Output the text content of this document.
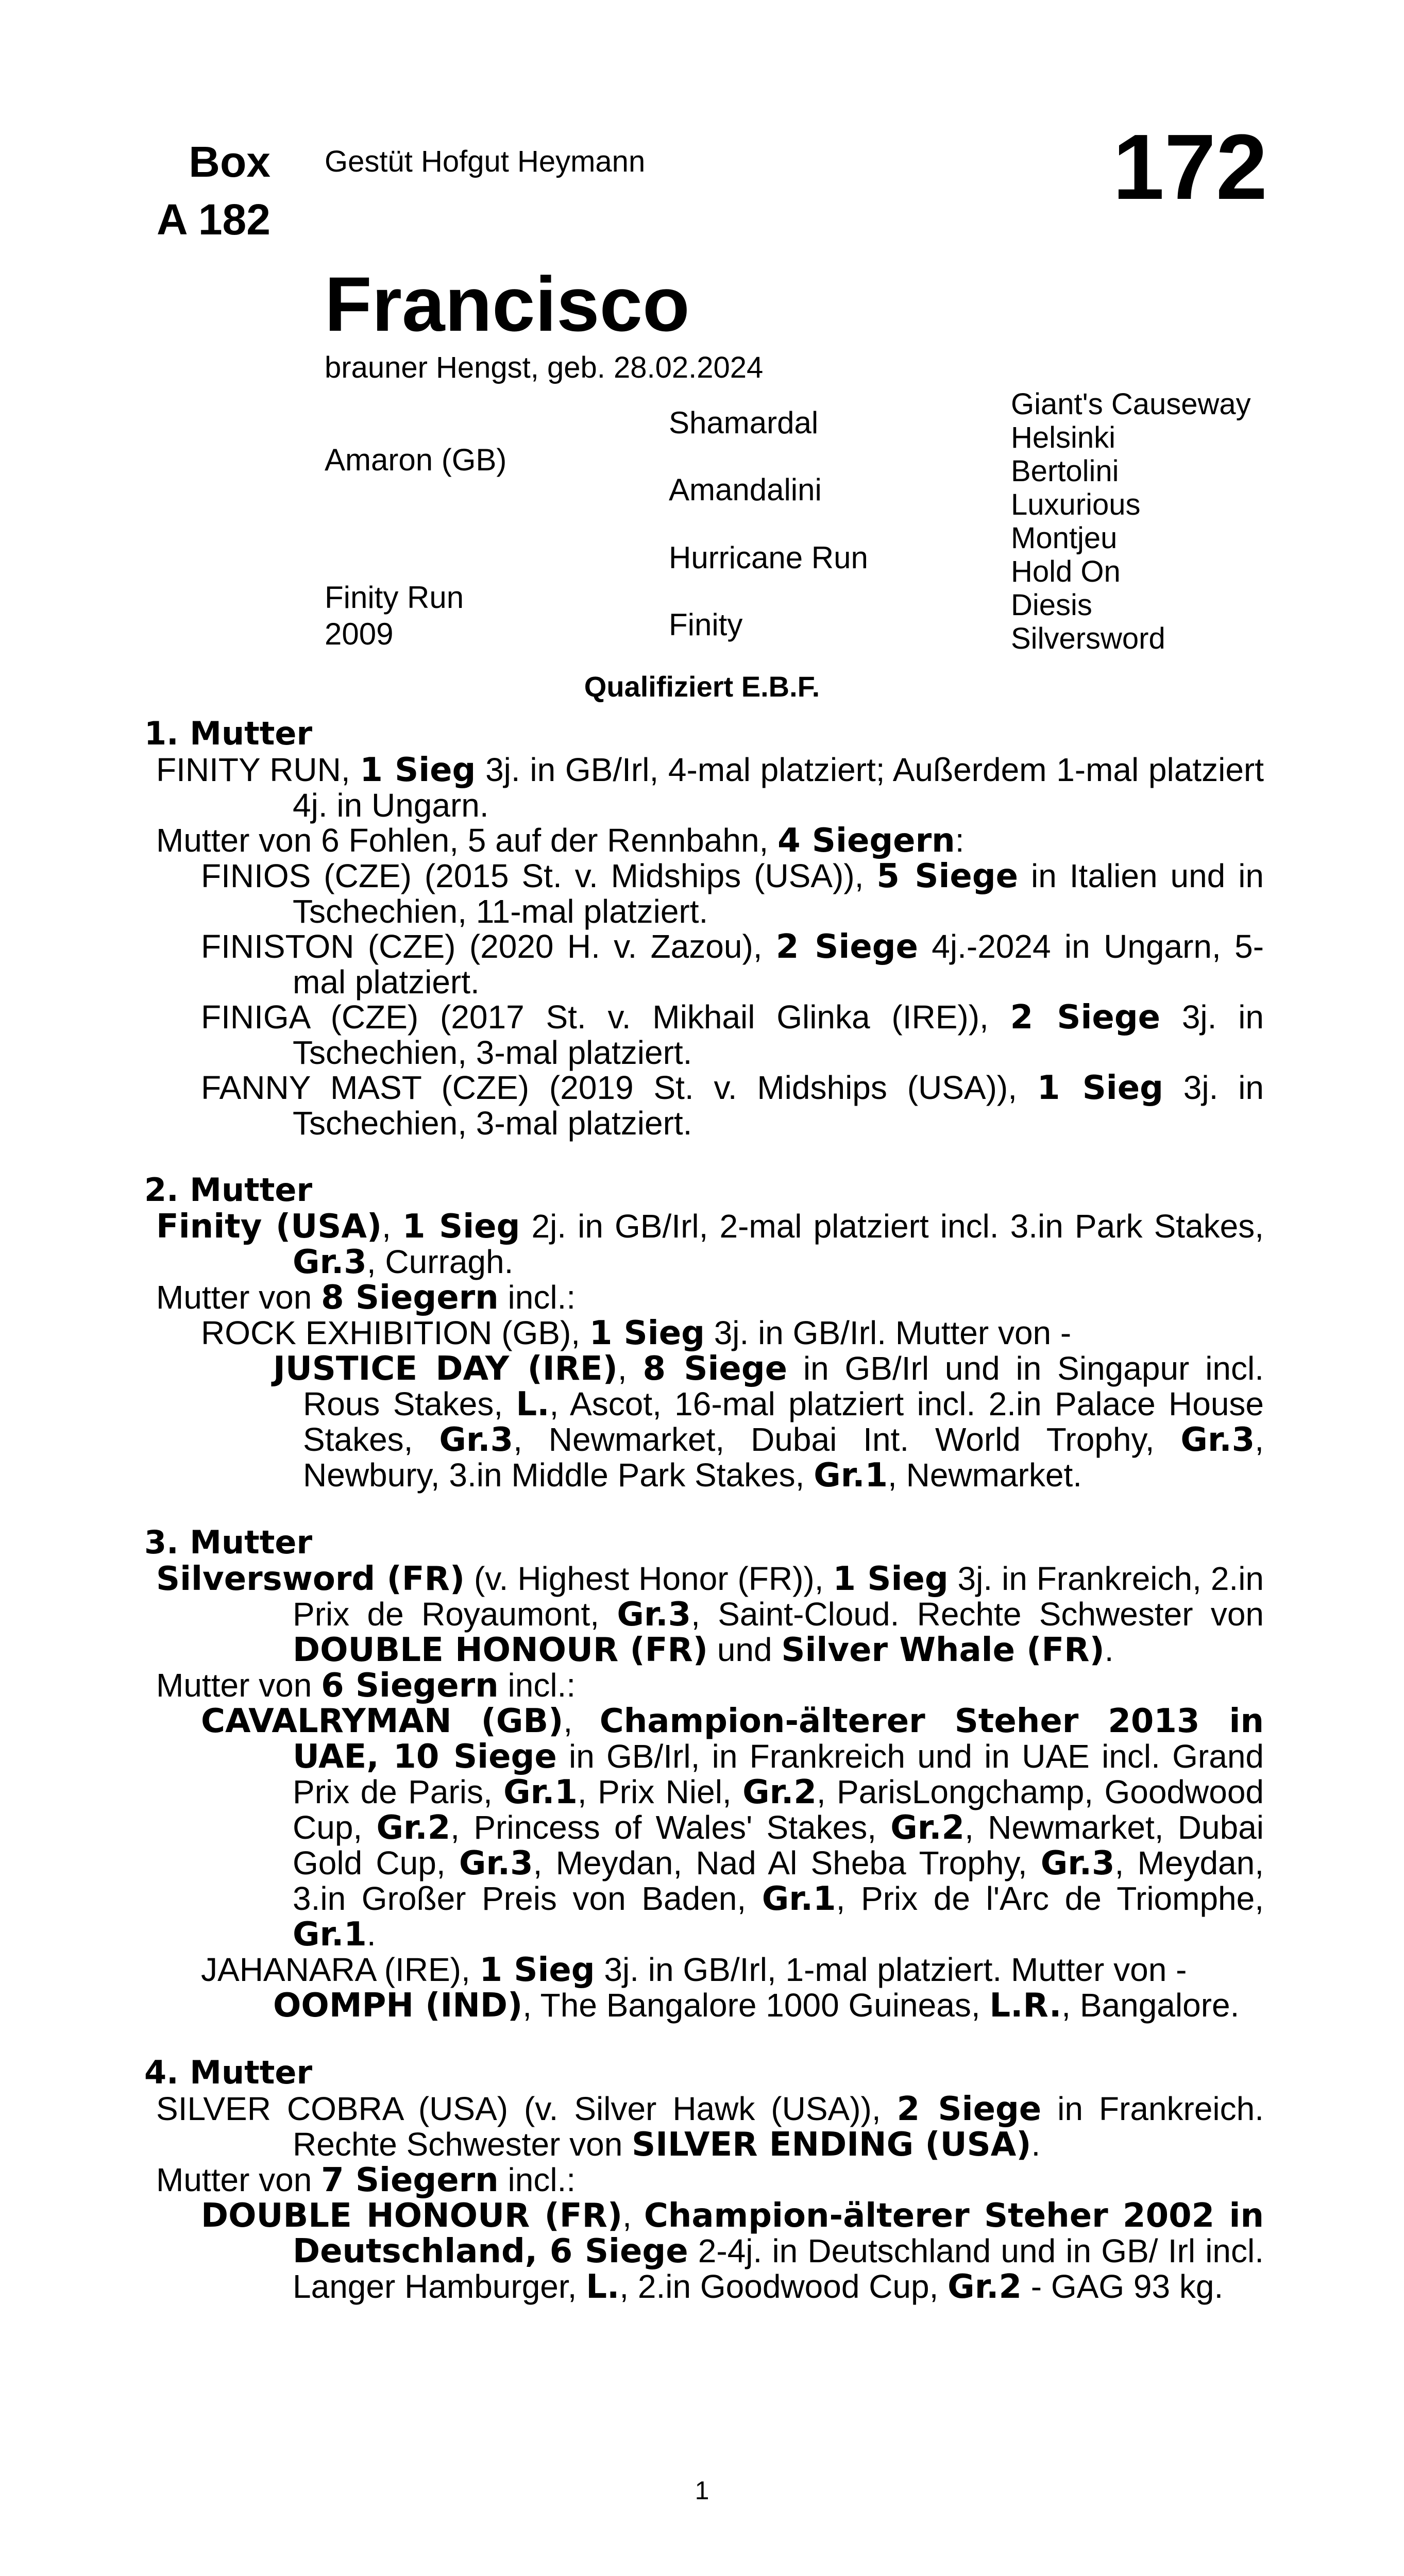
Box
A 182
Gestüt Hofgut Heymann	172
Francisco
brauner Hengst, geb. 28.02.2024
Amaron (GB)
Finity Run
2009
Shamardal
Amandalini
Hurricane Run
Finity
Giant's Causeway
Helsinki
Bertolini
Luxurious
Montjeu
Hold On
Diesis
Silversword
Qualifiziert E.B.F.
1. Mutter
FINITY RUN, 1 Sieg 3j. in GB/Irl, 4-mal platziert; Außerdem 1-mal platziert 4j. in Ungarn.
Mutter von 6 Fohlen, 5 auf der Rennbahn, 4 Siegern:
FINIOS (CZE) (2015 St. v. Midships (USA)), 5 Siege in Italien und in Tschechien, 11-mal platziert.
FINISTON (CZE) (2020 H. v. Zazou), 2 Siege 4j.-2024 in Ungarn, 5-mal platziert.
FINIGA (CZE) (2017 St. v. Mikhail Glinka (IRE)), 2 Siege 3j. in Tschechien, 3-mal platziert.
FANNY MAST (CZE) (2019 St. v. Midships (USA)), 1 Sieg 3j. in Tschechien, 3-mal platziert.
2. Mutter
Finity (USA), 1 Sieg 2j. in GB/Irl, 2-mal platziert incl. 3.in Park Stakes, Gr.3, Curragh.
Mutter von 8 Siegern incl.:
ROCK EXHIBITION (GB), 1 Sieg 3j. in GB/Irl. Mutter von -
JUSTICE DAY (IRE), 8 Siege in GB/Irl und in Singapur incl. Rous Stakes, L., Ascot, 16-mal platziert incl. 2.in Palace House Stakes, Gr.3, Newmarket, Dubai Int. World Trophy, Gr.3, Newbury, 3.in Middle Park Stakes, Gr.1, Newmarket.
3. Mutter
Silversword (FR) (v. Highest Honor (FR)), 1 Sieg 3j. in Frankreich, 2.in Prix de Royaumont, Gr.3, Saint-Cloud. Rechte Schwester von DOUBLE HONOUR (FR) und Silver Whale (FR).
Mutter von 6 Siegern incl.:
CAVALRYMAN (GB), Champion-älterer Steher 2013 in UAE, 10 Siege in GB/Irl, in Frankreich und in UAE incl. Grand Prix de Paris, Gr.1, Prix Niel, Gr.2, ParisLongchamp, Goodwood Cup, Gr.2, Princess of Wales' Stakes, Gr.2, Newmarket, Dubai Gold Cup, Gr.3, Meydan, Nad Al Sheba Trophy, Gr.3, Meydan, 3.in Großer Preis von Baden, Gr.1, Prix de l'Arc de Triomphe, Gr.1.
JAHANARA (IRE), 1 Sieg 3j. in GB/Irl, 1-mal platziert. Mutter von -
OOMPH (IND), The Bangalore 1000 Guineas, L.R., Bangalore.
4. Mutter
SILVER COBRA (USA) (v. Silver Hawk (USA)), 2 Siege in Frankreich. Rechte Schwester von SILVER ENDING (USA).
Mutter von 7 Siegern incl.:
DOUBLE HONOUR (FR), Champion-älterer Steher 2002 in Deutschland, 6 Siege 2-4j. in Deutschland und in GB/ Irl incl. Langer Hamburger, L., 2.in Goodwood Cup, Gr.2 - GAG 93 kg.
1
